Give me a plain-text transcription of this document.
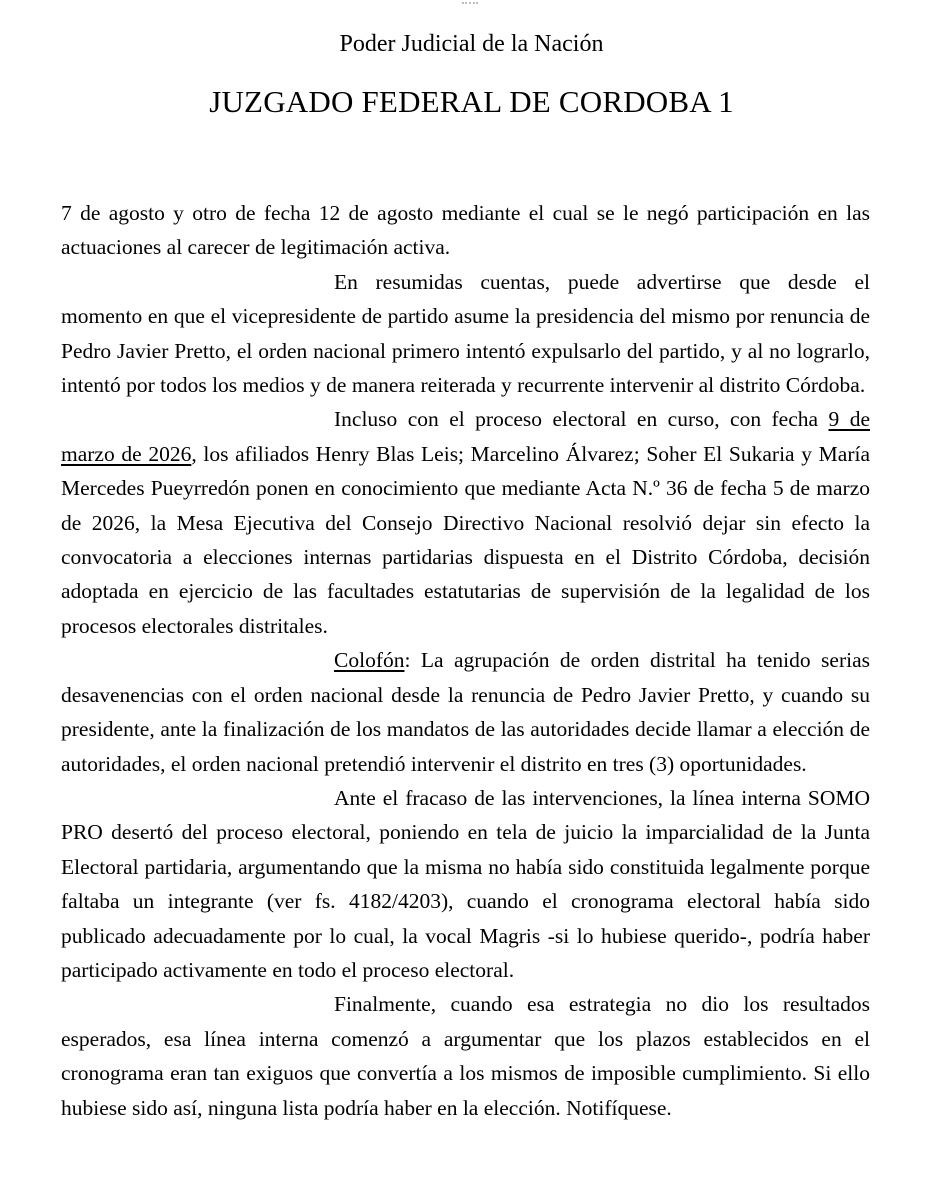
Poder Judicial de la Nación
JUZGADO FEDERAL DE CORDOBA 1

7 de agosto y otro de fecha 12 de agosto mediante el cual se le negó participación en las actuaciones al carecer de legitimación activa.

En resumidas cuentas, puede advertirse que desde el momento en que el vicepresidente de partido asume la presidencia del mismo por renuncia de Pedro Javier Pretto, el orden nacional primero intentó expulsarlo del partido, y al no lograrlo, intentó por todos los medios y de manera reiterada y recurrente intervenir al distrito Córdoba.

Incluso con el proceso electoral en curso, con fecha 9 de marzo de 2026, los afiliados Henry Blas Leis; Marcelino Álvarez; Soher El Sukaria y María Mercedes Pueyrredón ponen en conocimiento que mediante Acta N.º 36 de fecha 5 de marzo de 2026, la Mesa Ejecutiva del Consejo Directivo Nacional resolvió dejar sin efecto la convocatoria a elecciones internas partidarias dispuesta en el Distrito Córdoba, decisión adoptada en ejercicio de las facultades estatutarias de supervisión de la legalidad de los procesos electorales distritales.

Colofón: La agrupación de orden distrital ha tenido serias desavenencias con el orden nacional desde la renuncia de Pedro Javier Pretto, y cuando su presidente, ante la finalización de los mandatos de las autoridades decide llamar a elección de autoridades, el orden nacional pretendió intervenir el distrito en tres (3) oportunidades.

Ante el fracaso de las intervenciones, la línea interna SOMO PRO desertó del proceso electoral, poniendo en tela de juicio la imparcialidad de la Junta Electoral partidaria, argumentando que la misma no había sido constituida legalmente porque faltaba un integrante (ver fs. 4182/4203), cuando el cronograma electoral había sido publicado adecuadamente por lo cual, la vocal Magris -si lo hubiese querido-, podría haber participado activamente en todo el proceso electoral.

Finalmente, cuando esa estrategia no dio los resultados esperados, esa línea interna comenzó a argumentar que los plazos establecidos en el cronograma eran tan exiguos que convertía a los mismos de imposible cumplimiento. Si ello hubiese sido así, ninguna lista podría haber en la elección. Notifíquese.
